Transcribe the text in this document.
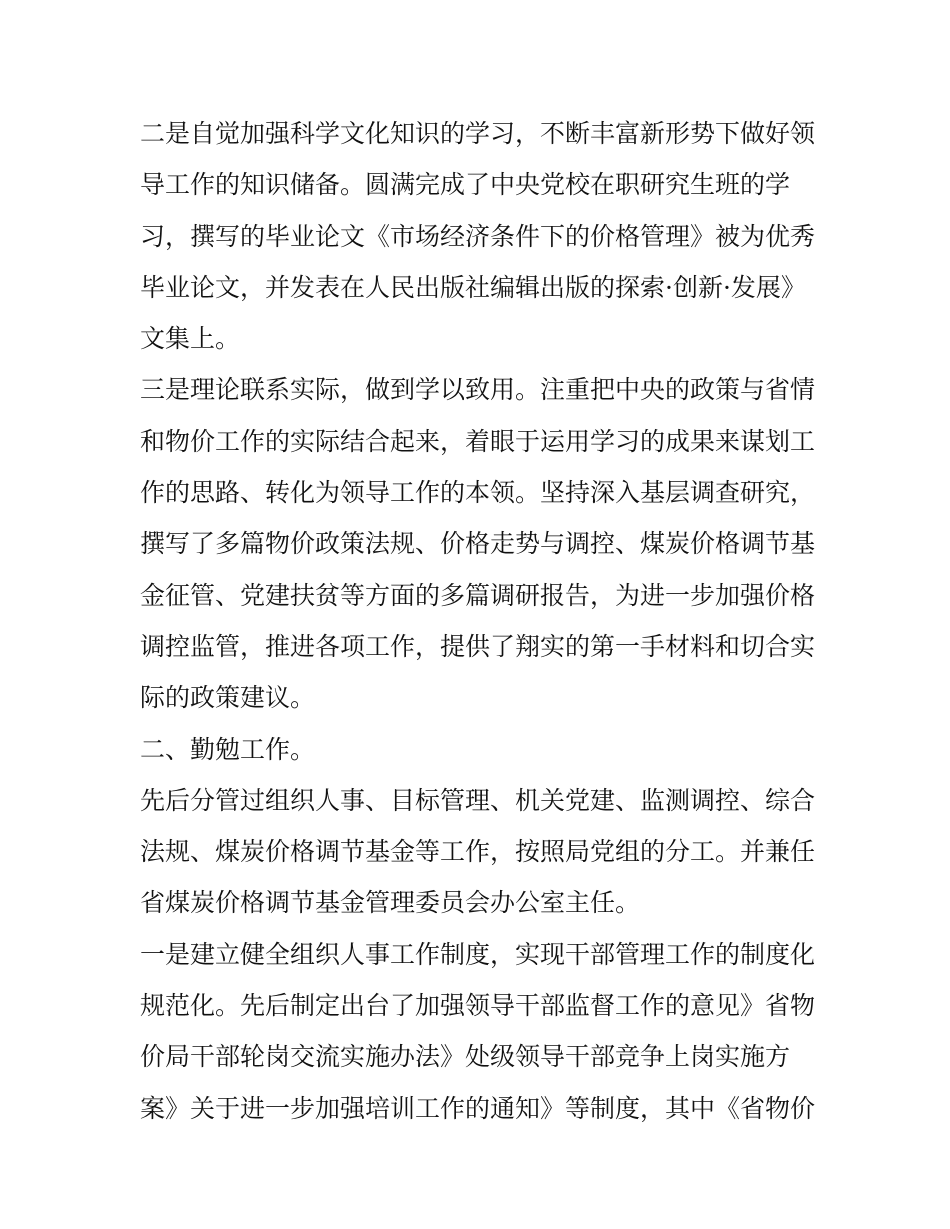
二是自觉加强科学文化知识的学习，不断丰富新形势下做好领
导工作的知识储备。圆满完成了中央党校在职研究生班的学
习，撰写的毕业论文《市场经济条件下的价格管理》被为优秀
毕业论文，并发表在人民出版社编辑出版的探索·创新·发展》
文集上。
三是理论联系实际，做到学以致用。注重把中央的政策与省情
和物价工作的实际结合起来，着眼于运用学习的成果来谋划工
作的思路、转化为领导工作的本领。坚持深入基层调查研究，
撰写了多篇物价政策法规、价格走势与调控、煤炭价格调节基
金征管、党建扶贫等方面的多篇调研报告，为进一步加强价格
调控监管，推进各项工作，提供了翔实的第一手材料和切合实
际的政策建议。
二、勤勉工作。
先后分管过组织人事、目标管理、机关党建、监测调控、综合
法规、煤炭价格调节基金等工作，按照局党组的分工。并兼任
省煤炭价格调节基金管理委员会办公室主任。
一是建立健全组织人事工作制度，实现干部管理工作的制度化
规范化。先后制定出台了加强领导干部监督工作的意见》省物
价局干部轮岗交流实施办法》处级领导干部竞争上岗实施方
案》关于进一步加强培训工作的通知》等制度，其中《省物价
